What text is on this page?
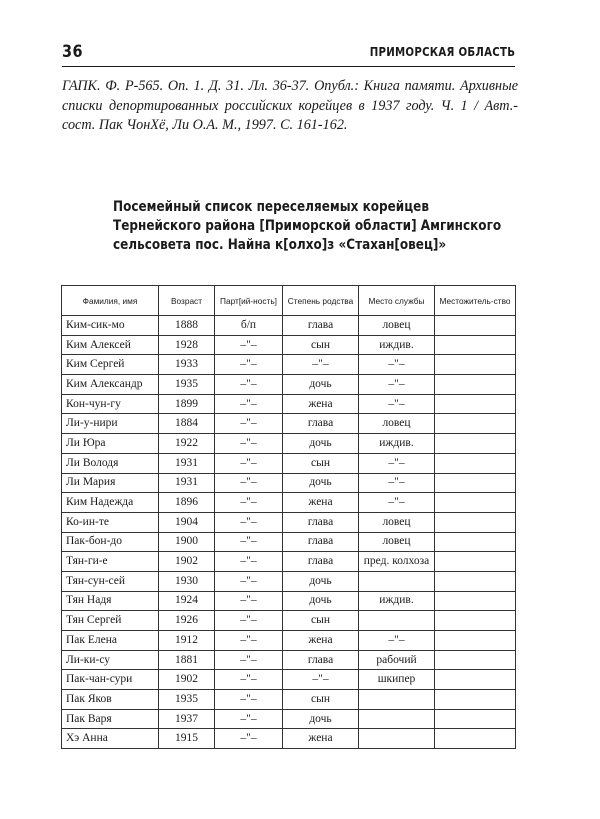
36	ПРИМОРСКАЯ ОБЛАСТЬ

ГАПК. Ф. Р-565. Оп. 1. Д. 31. Лл. 36-37. Опубл.: Книга памяти. Архивные списки депортированных российских корейцев в 1937 году. Ч. 1 / Авт.-сост. Пак ЧонХё, Ли О.А. М., 1997. С. 161-162.

Посемейный список переселяемых корейцев Тернейского района [Приморской области] Амгинского сельсовета пос. Найна к[олхо]з «Стахан[овец]»
Фамилия, имя	Возраст	Парт[ий-ность]	Степень родства	Место службы	Местожитель-ство
Ким-сик-мо	1888	б/п	глава	ловец	
Ким Алексей	1928	–"–	сын	иждив.	
Ким Сергей	1933	–"–	–"–	–"–	
Ким Александр	1935	–"–	дочь	–"–	
Кон-чун-гу	1899	–"–	жена	–"–	
Ли-у-нири	1884	–"–	глава	ловец	
Ли Юра	1922	–"–	дочь	иждив.	
Ли Володя	1931	–"–	сын	–"–	
Ли Мария	1931	–"–	дочь	–"–	
Ким Надежда	1896	–"–	жена	–"–	
Ко-ин-те	1904	–"–	глава	ловец	
Пак-бон-до	1900	–"–	глава	ловец	
Тян-ги-е	1902	–"–	глава	пред. колхоза	
Тян-сун-сей	1930	–"–	дочь		
Тян Надя	1924	–"–	дочь	иждив.	
Тян Сергей	1926	–"–	сын		
Пак Елена	1912	–"–	жена	–"–	
Ли-ки-су	1881	–"–	глава	рабочий	
Пак-чан-сури	1902	–"–	–"–	шкипер	
Пак Яков	1935	–"–	сын		
Пак Варя	1937	–"–	дочь		
Хэ Анна	1915	–"–	жена		
